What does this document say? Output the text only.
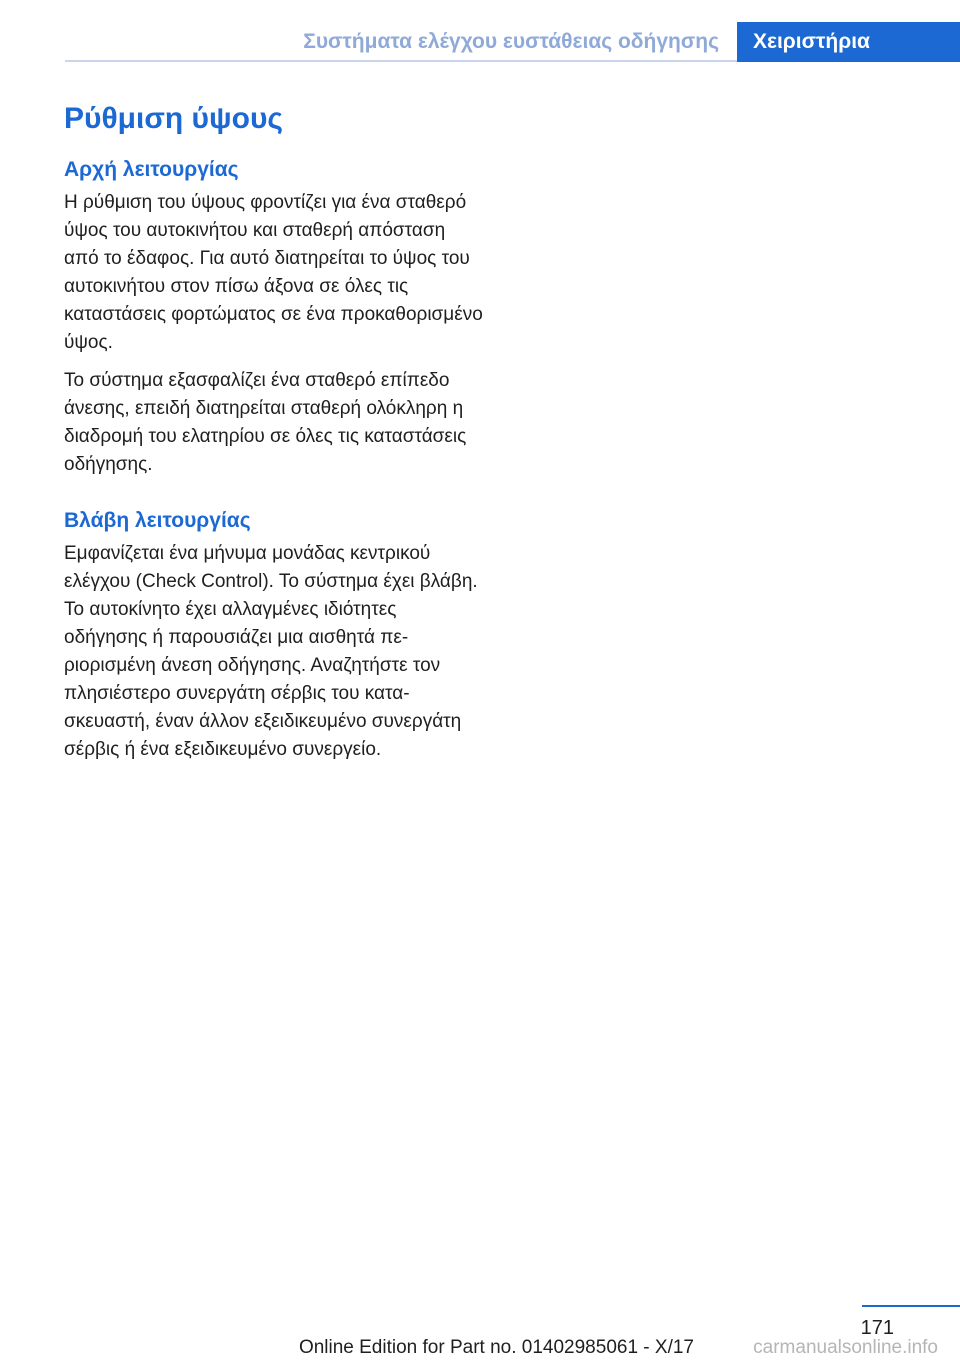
Συστήματα ελέγχου ευστάθειας οδήγησης	Χειριστήρια
Ρύθμιση ύψους
Αρχή λειτουργίας

Η ρύθμιση του ύψους φροντίζει για ένα σταθερό ύψος του αυτοκινήτου και σταθερή απόσταση από το έδαφος. Για αυτό διατηρείται το ύψος του αυτοκινήτου στον πίσω άξονα σε όλες τις καταστάσεις φορτώματος σε ένα προκαθορισμένο ύψος.

Το σύστημα εξασφαλίζει ένα σταθερό επίπεδο άνεσης, επειδή διατηρείται σταθερή ολόκληρη η διαδρομή του ελατηρίου σε όλες τις καταστάσεις οδήγησης.

Βλάβη λειτουργίας

Εμφανίζεται ένα μήνυμα μονάδας κεντρικού ελέγχου (Check Control). Το σύστημα έχει βλάβη. Το αυτοκίνητο έχει αλλαγμένες ιδιότητες οδήγησης ή παρουσιάζει μια αισθητά περιορισμένη άνεση οδήγησης. Αναζητήστε τον πλησιέστερο συνεργάτη σέρβις του κατασκευαστή, έναν άλλον εξειδικευμένο συνεργάτη σέρβις ή ένα εξειδικευμένο συνεργείο.

171
Online Edition for Part no. 01402985061 - X/17	carmanualsonline.info
